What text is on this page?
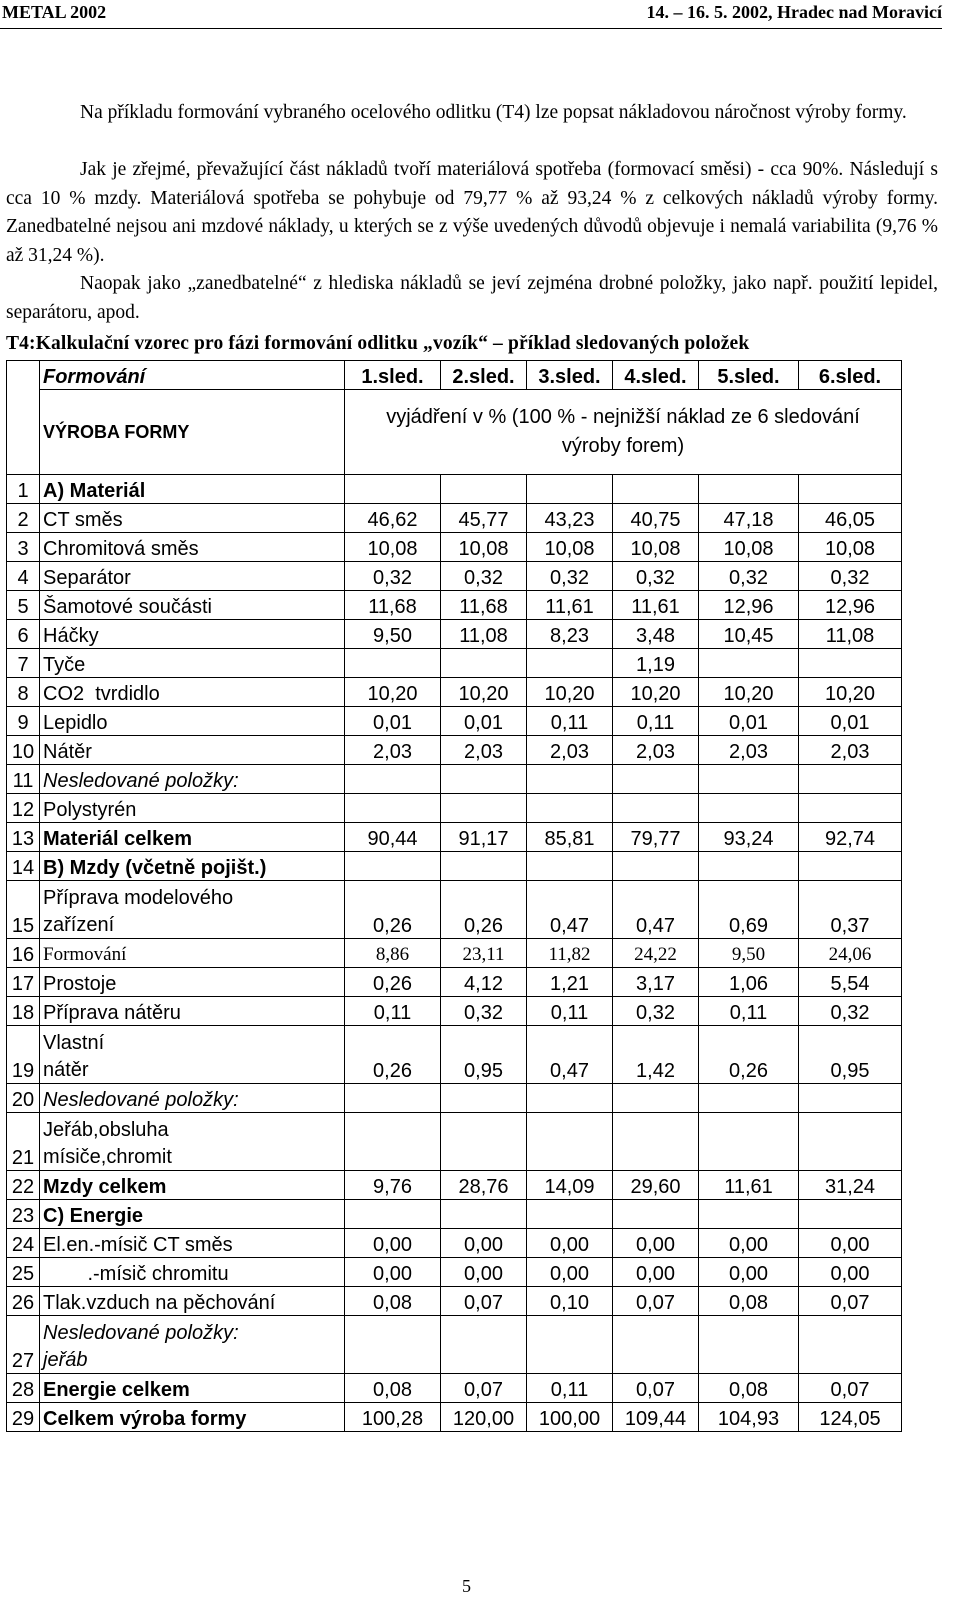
METAL 2002	14. – 16. 5. 2002, Hradec nad Moravicí

Na příkladu formování vybraného ocelového odlitku (T4) lze popsat nákladovou náročnost výroby formy.

Jak je zřejmé, převažující část nákladů tvoří materiálová spotřeba (formovací směsi) - cca 90%. Následují s cca 10 % mzdy. Materiálová spotřeba se pohybuje od 79,77 % až 93,24 % z celkových nákladů výroby formy. Zanedbatelné nejsou ani mzdové náklady, u kterých se z výše uvedených důvodů objevuje i nemalá variabilita (9,76 % až 31,24 %).

Naopak jako „zanedbatelné“ z hlediska nákladů se jeví zejména drobné položky, jako např. použití lepidel, separátoru, apod.

T4:Kalkulační vzorec pro fázi formování odlitku „vozík“ – příklad sledovaných položek
	Formování	1.sled.	2.sled.	3.sled.	4.sled.	5.sled.	6.sled.
	VÝROBA FORMY	vyjádření v % (100 % - nejnižší náklad ze 6 sledování výroby forem)					
1	A) Materiál						
2	CT směs	46,62	45,77	43,23	40,75	47,18	46,05
3	Chromitová směs	10,08	10,08	10,08	10,08	10,08	10,08
4	Separátor	0,32	0,32	0,32	0,32	0,32	0,32
5	Šamotové součásti	11,68	11,68	11,61	11,61	12,96	12,96
6	Háčky	9,50	11,08	8,23	3,48	10,45	11,08
7	Tyče				1,19		
8	CO2  tvrdidlo	10,20	10,20	10,20	10,20	10,20	10,20
9	Lepidlo	0,01	0,01	0,11	0,11	0,01	0,01
10	Nátěr	2,03	2,03	2,03	2,03	2,03	2,03
11	Nesledované položky:						
12	Polystyrén						
13	Materiál celkem	90,44	91,17	85,81	79,77	93,24	92,74
14	B) Mzdy (včetně pojišt.)						
15	Příprava modelového
zařízení	0,26	0,26	0,47	0,47	0,69	0,37
16	Formování	8,86	23,11	11,82	24,22	9,50	24,06
17	Prostoje	0,26	4,12	1,21	3,17	1,06	5,54
18	Příprava nátěru	0,11	0,32	0,11	0,32	0,11	0,32
19	Vlastní
nátěr	0,26	0,95	0,47	1,42	0,26	0,95
20	Nesledované položky:						
21	Jeřáb,obsluha
mísiče,chromit						

22	Mzdy celkem	9,76	28,76	14,09	29,60	11,61	31,24
23	C) Energie						
24	El.en.-mísič CT směs	0,00	0,00	0,00	0,00	0,00	0,00
25	.-mísič chromitu	0,00	0,00	0,00	0,00	0,00	0,00
26	Tlak.vzduch na pěchování	0,08	0,07	0,10	0,07	0,08	0,07
27	Nesledované položky:
jeřáb						

28	Energie celkem	0,08	0,07	0,11	0,07	0,08	0,07
29	Celkem výroba formy	100,28	120,00	100,00	109,44	104,93	124,05
5
